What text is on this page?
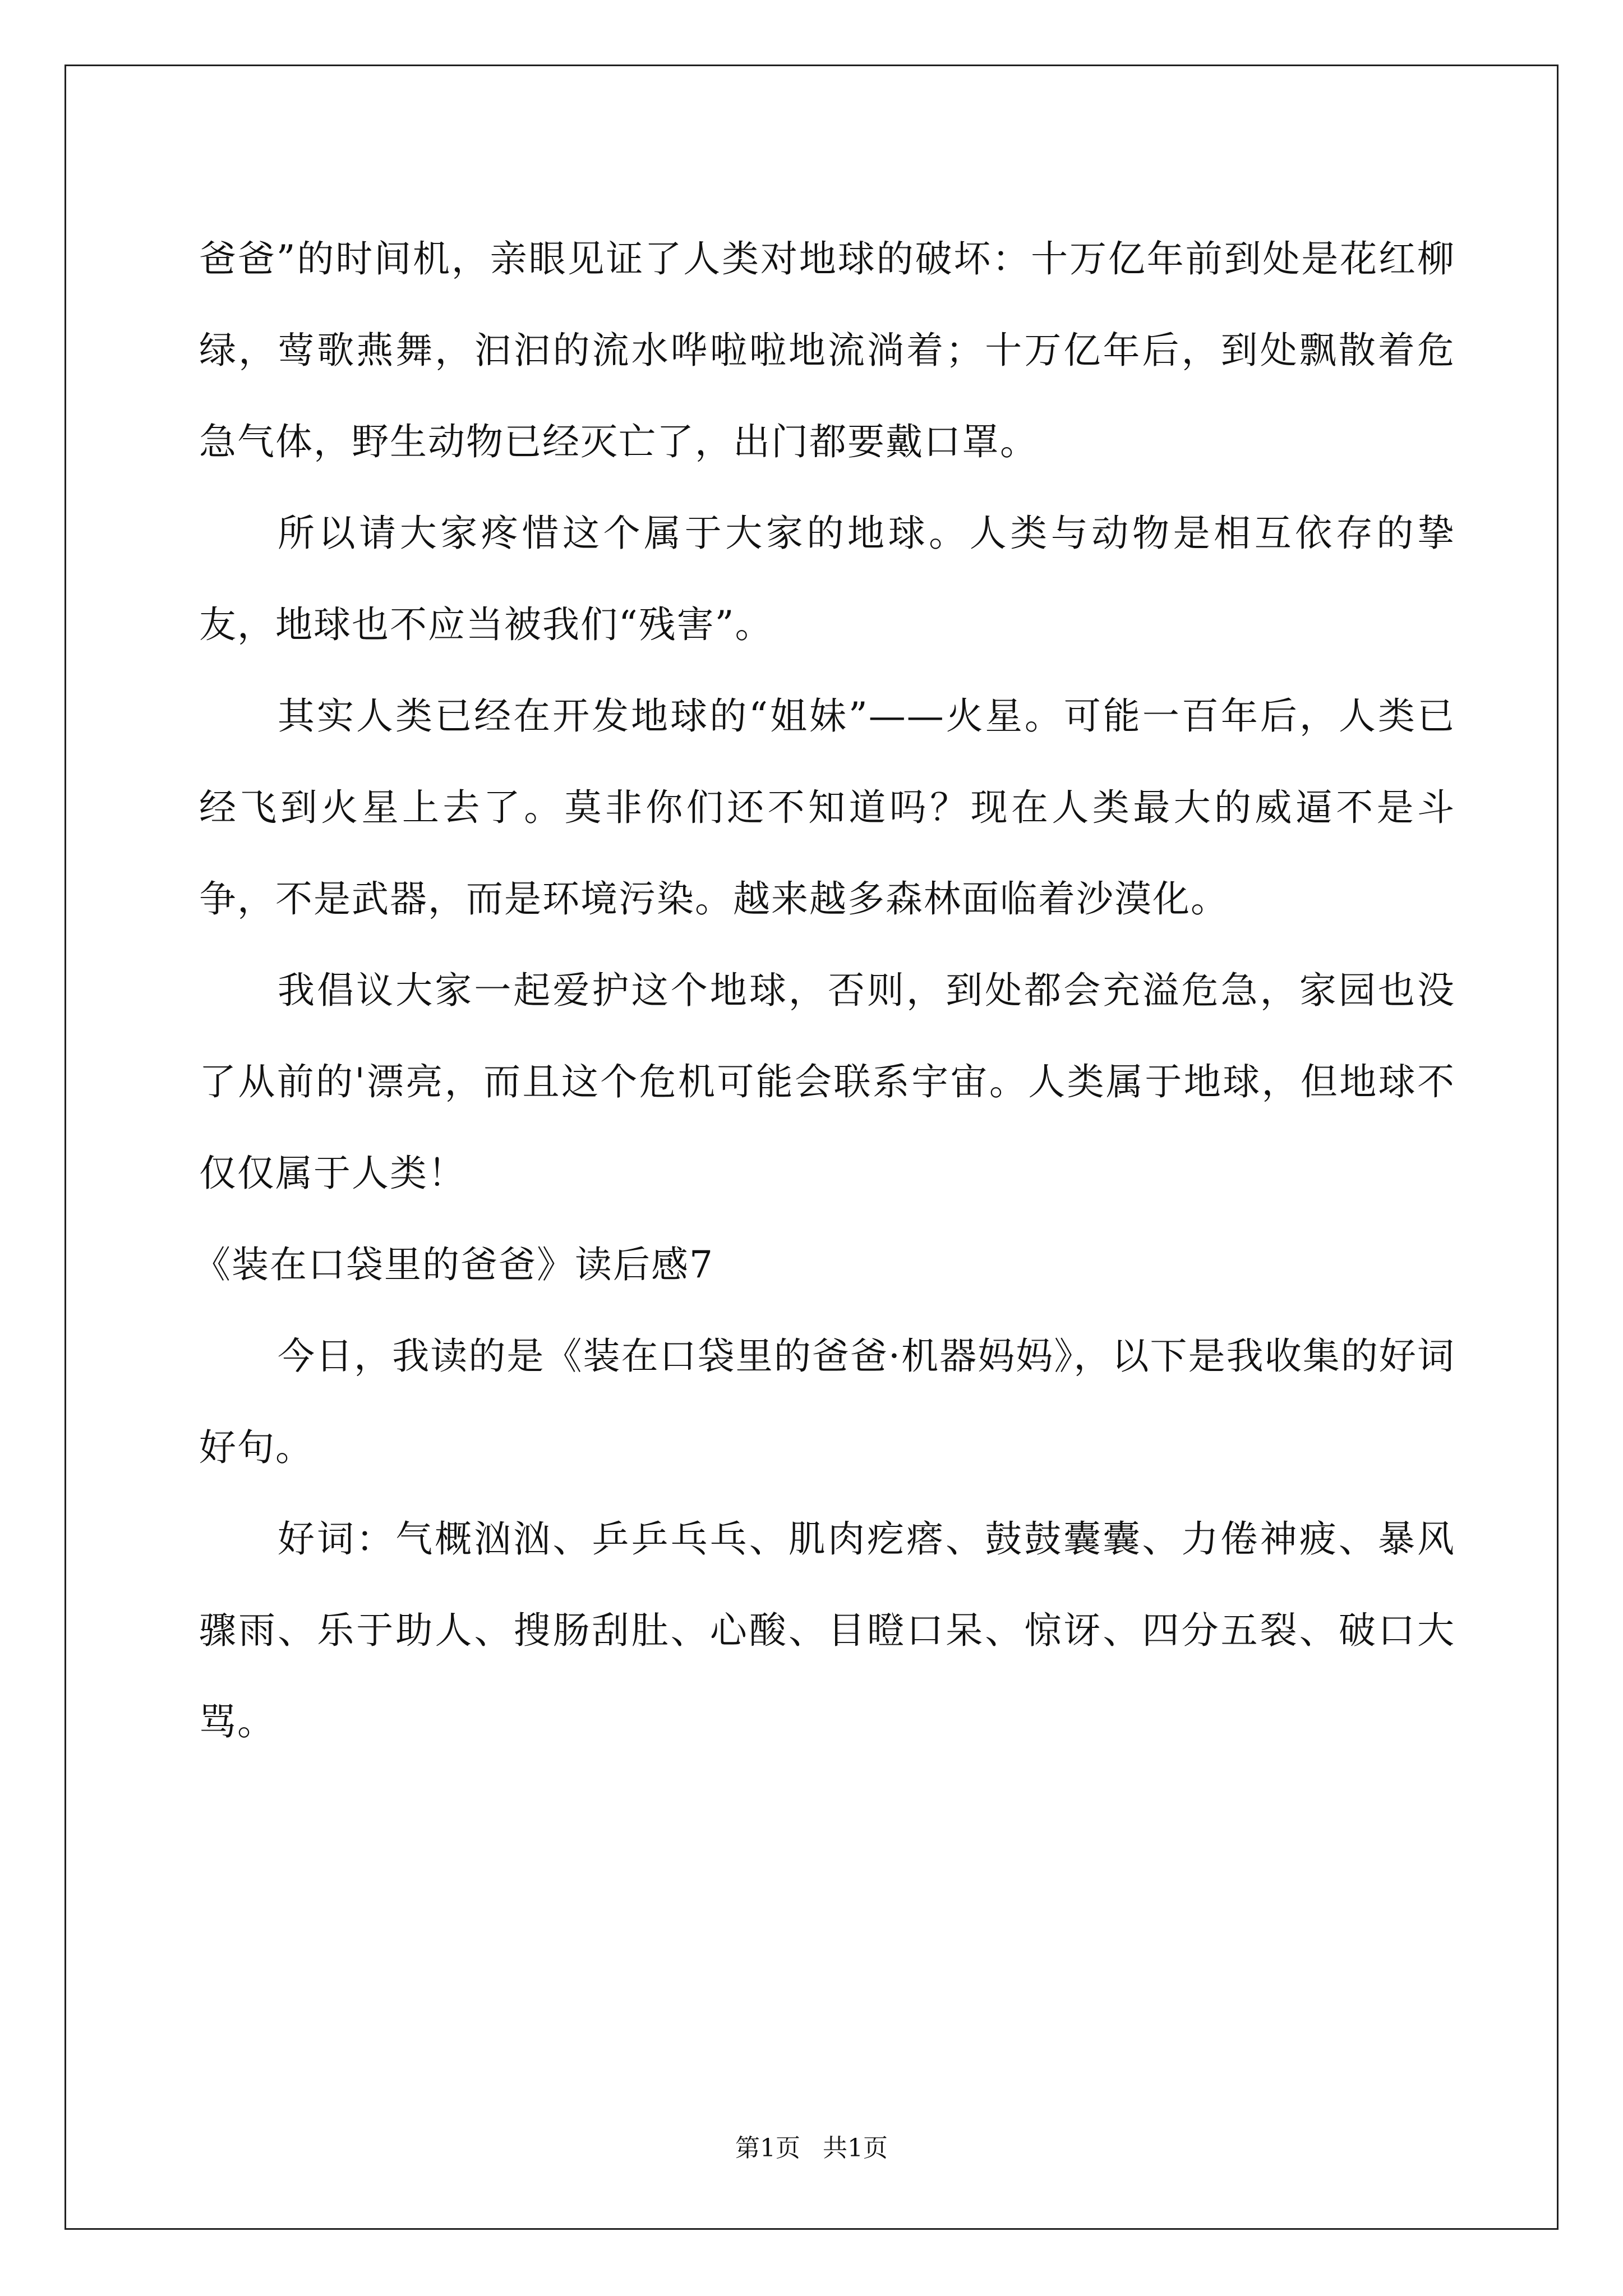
爸爸”的时间机，亲眼见证了人类对地球的破坏：十万亿年前到处是花红柳绿，莺歌燕舞，汩汩的流水哗啦啦地流淌着；十万亿年后，到处飘散着危急气体，野生动物已经灭亡了，出门都要戴口罩。

所以请大家疼惜这个属于大家的地球。人类与动物是相互依存的挚友，地球也不应当被我们“残害”。

其实人类已经在开发地球的“姐妹”——火星。可能一百年后，人类已经飞到火星上去了。莫非你们还不知道吗？现在人类最大的威逼不是斗争，不是武器，而是环境污染。越来越多森林面临着沙漠化。

我倡议大家一起爱护这个地球，否则，到处都会充溢危急，家园也没了从前的'漂亮，而且这个危机可能会联系宇宙。人类属于地球，但地球不仅仅属于人类！

《装在口袋里的爸爸》读后感7

今日，我读的是《装在口袋里的爸爸·机器妈妈》，以下是我收集的好词好句。

好词：气概汹汹、乒乒乓乓、肌肉疙瘩、鼓鼓囊囊、力倦神疲、暴风骤雨、乐于助人、搜肠刮肚、心酸、目瞪口呆、惊讶、四分五裂、破口大骂。

第1页 共1页
